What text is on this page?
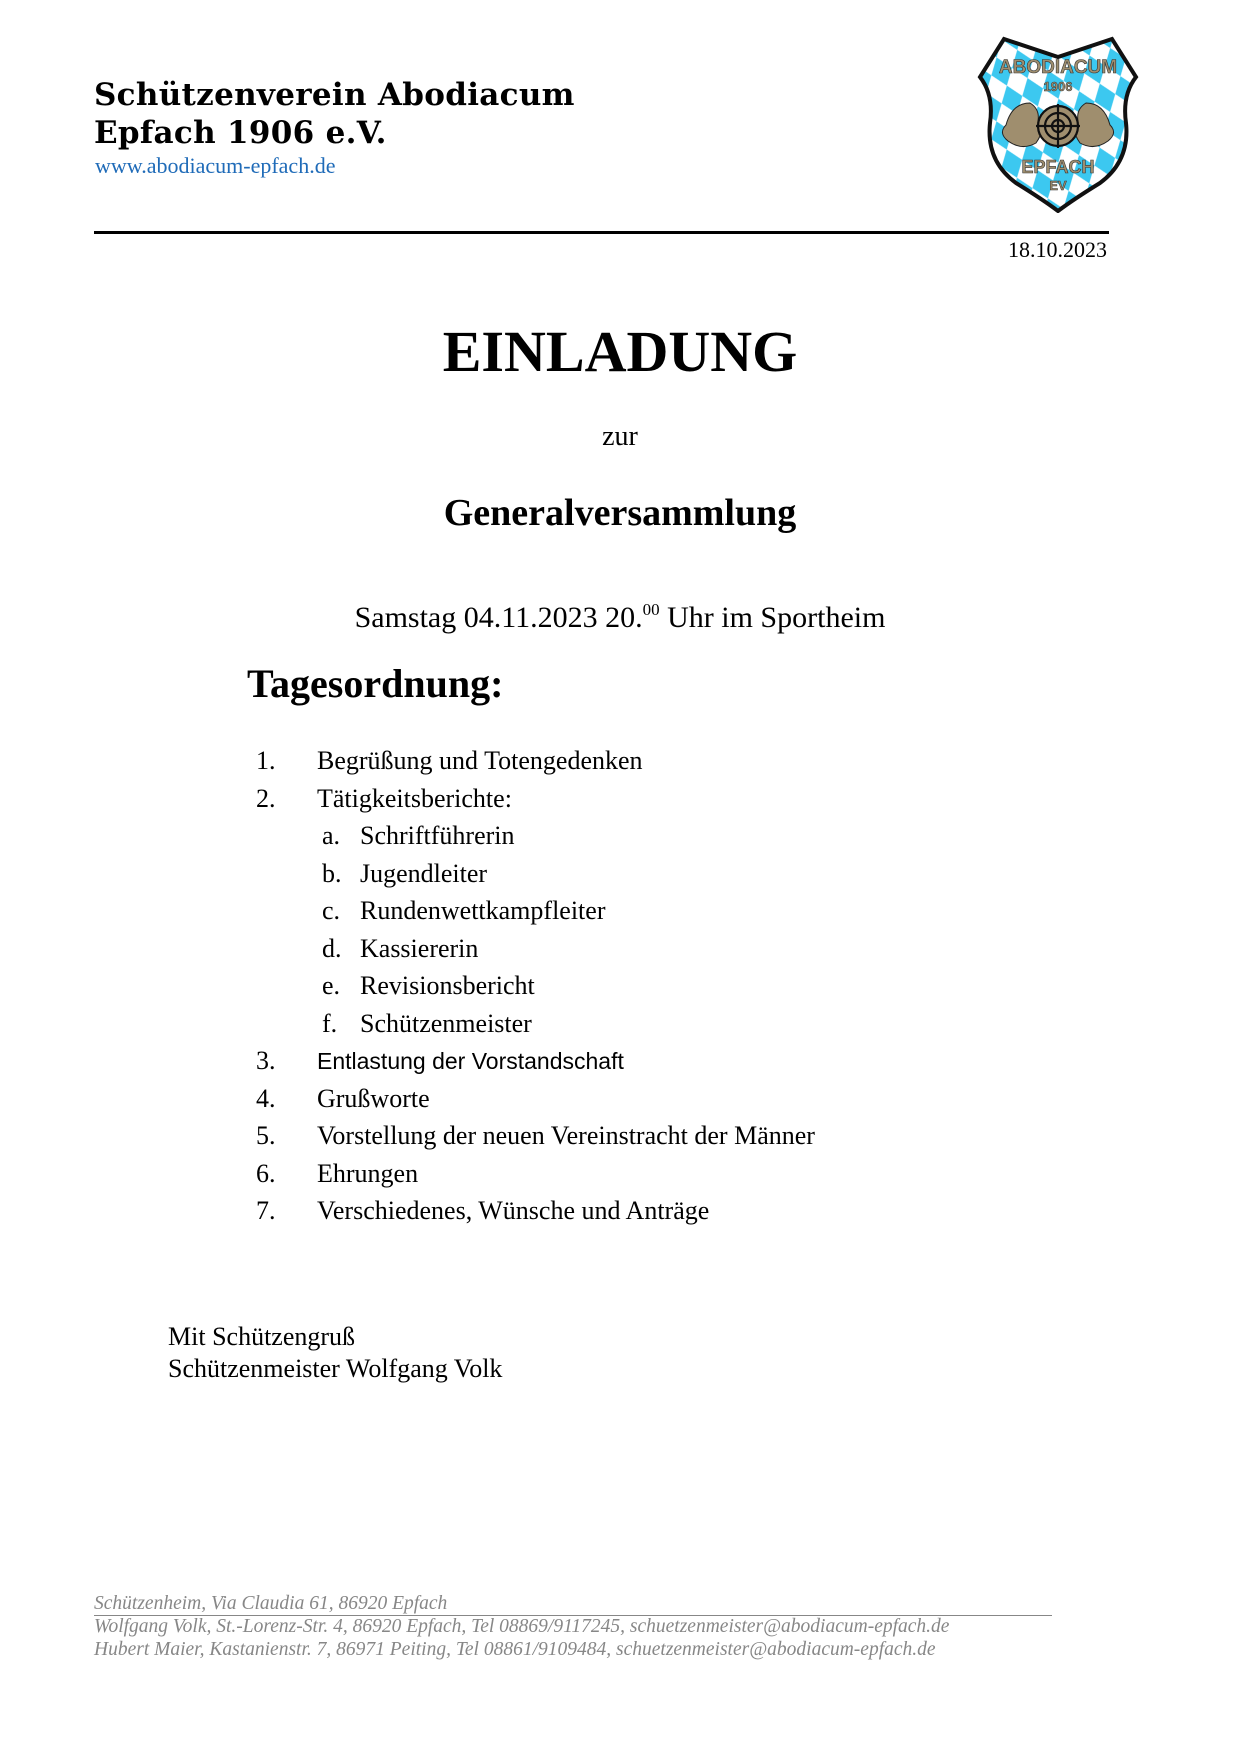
Schützenverein Abodiacum
Epfach 1906 e.V.
www.abodiacum-epfach.de
ABODIACUM
1906
EPFACH
EV
18.10.2023
EINLADUNG
zur
Generalversammlung
Samstag 04.11.2023 20.00 Uhr im Sportheim
Tagesordnung:
1. Begrüßung und Totengedenken
2. Tätigkeitsberichte:
a. Schriftführerin
b. Jugendleiter
c. Rundenwettkampfleiter
d. Kassiererin
e. Revisionsbericht
f. Schützenmeister
3. Entlastung der Vorstandschaft
4. Grußworte
5. Vorstellung der neuen Vereinstracht der Männer
6. Ehrungen
7. Verschiedenes, Wünsche und Anträge
Mit Schützengruß
Schützenmeister Wolfgang Volk
Schützenheim, Via Claudia 61, 86920 Epfach
Wolfgang Volk, St.-Lorenz-Str. 4, 86920 Epfach, Tel 08869/9117245, schuetzenmeister@abodiacum-epfach.de
Hubert Maier, Kastanienstr. 7, 86971 Peiting, Tel 08861/9109484, schuetzenmeister@abodiacum-epfach.de
